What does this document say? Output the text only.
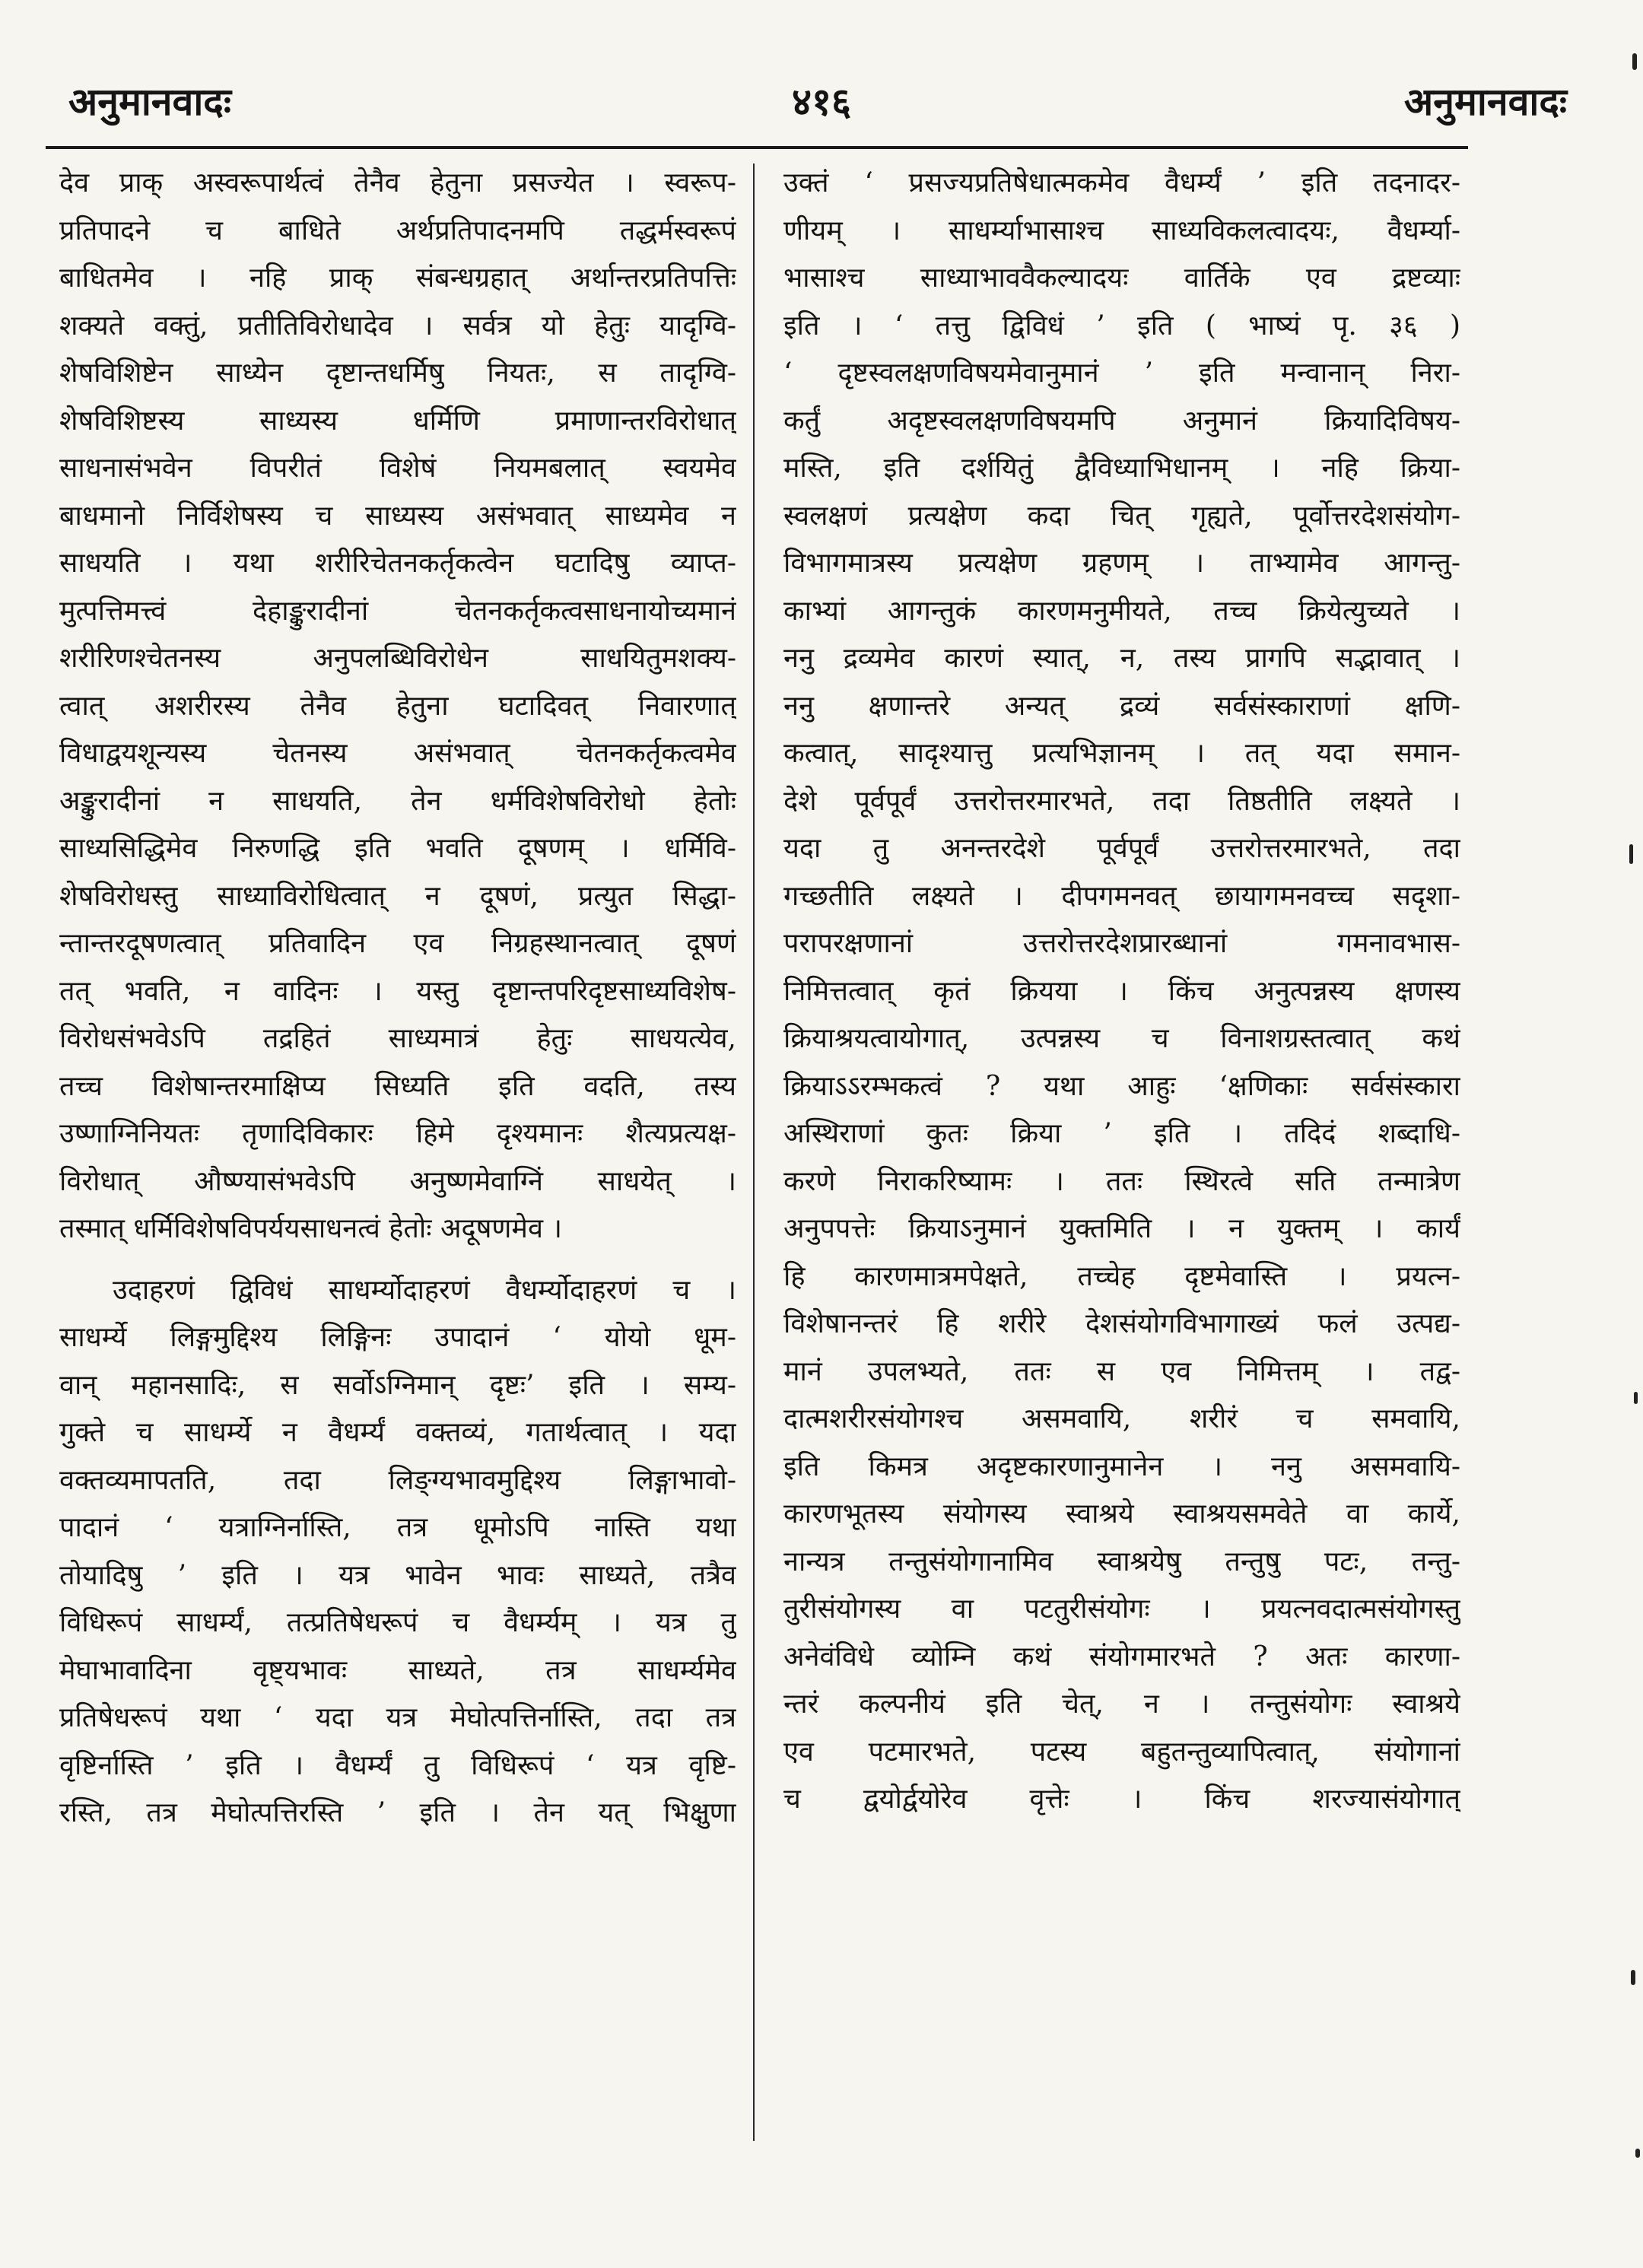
अनुमानवादः	४१६	अनुमानवादः
देव प्राक् अस्वरूपार्थत्वं तेनैव हेतुना प्रसज्येत । स्वरूप-
प्रतिपादने च बाधिते अर्थप्रतिपादनमपि तद्धर्मस्वरूपं
बाधितमेव । नहि प्राक् संबन्धग्रहात् अर्थान्तरप्रतिपत्तिः
शक्यते वक्तुं, प्रतीतिविरोधादेव । सर्वत्र यो हेतुः यादृग्वि-
शेषविशिष्टेन साध्येन दृष्टान्तधर्मिषु नियतः, स तादृग्वि-
शेषविशिष्टस्य साध्यस्य धर्मिणि प्रमाणान्तरविरोधात्
साधनासंभवेन विपरीतं विशेषं नियमबलात् स्वयमेव
बाधमानो निर्विशेषस्य च साध्यस्य असंभवात् साध्यमेव न
साधयति । यथा शरीरिचेतनकर्तृकत्वेन घटादिषु व्याप्त-
मुत्पत्तिमत्त्वं देहाङ्कुरादीनां चेतनकर्तृकत्वसाधनायोच्यमानं
शरीरिणश्चेतनस्य अनुपलब्धिविरोधेन साधयितुमशक्य-
त्वात् अशरीरस्य तेनैव हेतुना घटादिवत् निवारणात्
विधाद्वयशून्यस्य चेतनस्य असंभवात् चेतनकर्तृकत्वमेव
अङ्कुरादीनां न साधयति, तेन धर्मविशेषविरोधो हेतोः
साध्यसिद्धिमेव निरुणद्धि इति भवति दूषणम् । धर्मिवि-
शेषविरोधस्तु साध्याविरोधित्वात् न दूषणं, प्रत्युत सिद्धा-
न्तान्तरदूषणत्वात् प्रतिवादिन एव निग्रहस्थानत्वात् दूषणं
तत् भवति, न वादिनः । यस्तु दृष्टान्तपरिदृष्टसाध्यविशेष-
विरोधसंभवेऽपि तद्रहितं साध्यमात्रं हेतुः साधयत्येव,
तच्च विशेषान्तरमाक्षिप्य सिध्यति इति वदति, तस्य
उष्णाग्निनियतः तृणादिविकारः हिमे दृश्यमानः शैत्यप्रत्यक्ष-
विरोधात् औष्ण्यासंभवेऽपि अनुष्णमेवाग्निं साधयेत् ।
तस्मात् धर्मिविशेषविपर्ययसाधनत्वं हेतोः अदूषणमेव ।
उदाहरणं द्विविधं साधर्म्योदाहरणं वैधर्म्योदाहरणं च ।
साधर्म्ये लिङ्गमुद्दिश्य लिङ्गिनः उपादानं ‘ योयो धूम-
वान् महानसादिः, स सर्वोऽग्निमान् दृष्टः’ इति । सम्य-
गुक्ते च साधर्म्ये न वैधर्म्यं वक्तव्यं, गतार्थत्वात् । यदा
वक्तव्यमापतति, तदा लिङ्ग्यभावमुद्दिश्य लिङ्गाभावो-
पादानं ‘ यत्राग्निर्नास्ति, तत्र धूमोऽपि नास्ति यथा
तोयादिषु ’ इति । यत्र भावेन भावः साध्यते, तत्रैव
विधिरूपं साधर्म्यं, तत्प्रतिषेधरूपं च वैधर्म्यम् । यत्र तु
मेघाभावादिना वृष्ट्यभावः साध्यते, तत्र साधर्म्यमेव
प्रतिषेधरूपं यथा ‘ यदा यत्र मेघोत्पत्तिर्नास्ति, तदा तत्र
वृष्टिर्नास्ति ’ इति । वैधर्म्यं तु विधिरूपं ‘ यत्र वृष्टि-
रस्ति, तत्र मेघोत्पत्तिरस्ति ’ इति । तेन यत् भिक्षुणा
उक्तं ‘ प्रसज्यप्रतिषेधात्मकमेव वैधर्म्यं ’ इति तदनादर-
णीयम् । साधर्म्याभासाश्च साध्यविकलत्वादयः, वैधर्म्या-
भासाश्च साध्याभाववैकल्यादयः वार्तिके एव द्रष्टव्याः
इति । ‘ तत्तु द्विविधं ’ इति ( भाष्यं पृ. ३६ )
‘ दृष्टस्वलक्षणविषयमेवानुमानं ’ इति मन्वानान् निरा-
कर्तुं अदृष्टस्वलक्षणविषयमपि अनुमानं क्रियादिविषय-
मस्ति, इति दर्शयितुं द्वैविध्याभिधानम् । नहि क्रिया-
स्वलक्षणं प्रत्यक्षेण कदा चित् गृह्यते, पूर्वोत्तरदेशसंयोग-
विभागमात्रस्य प्रत्यक्षेण ग्रहणम् । ताभ्यामेव आगन्तु-
काभ्यां आगन्तुकं कारणमनुमीयते, तच्च क्रियेत्युच्यते ।
ननु द्रव्यमेव कारणं स्यात्, न, तस्य प्रागपि सद्भावात् ।
ननु क्षणान्तरे अन्यत् द्रव्यं सर्वसंस्काराणां क्षणि-
कत्वात्, सादृश्यात्तु प्रत्यभिज्ञानम् । तत् यदा समान-
देशे पूर्वपूर्वं उत्तरोत्तरमारभते, तदा तिष्ठतीति लक्ष्यते ।
यदा तु अनन्तरदेशे पूर्वपूर्वं उत्तरोत्तरमारभते, तदा
गच्छतीति लक्ष्यते । दीपगमनवत् छायागमनवच्च सदृशा-
परापरक्षणानां उत्तरोत्तरदेशप्रारब्धानां गमनावभास-
निमित्तत्वात् कृतं क्रियया । किंच अनुत्पन्नस्य क्षणस्य
क्रियाश्रयत्वायोगात्, उत्पन्नस्य च विनाशग्रस्तत्वात् कथं
क्रियाऽऽरम्भकत्वं ? यथा आहुः ‘क्षणिकाः सर्वसंस्कारा
अस्थिराणां कुतः क्रिया ’ इति । तदिदं शब्दाधि-
करणे निराकरिष्यामः । ततः स्थिरत्वे सति तन्मात्रेण
अनुपपत्तेः क्रियाऽनुमानं युक्तमिति । न युक्तम् । कार्यं
हि कारणमात्रमपेक्षते, तच्चेह दृष्टमेवास्ति । प्रयत्न-
विशेषानन्तरं हि शरीरे देशसंयोगविभागाख्यं फलं उत्पद्य-
मानं उपलभ्यते, ततः स एव निमित्तम् । तद्व-
दात्मशरीरसंयोगश्च असमवायि, शरीरं च समवायि,
इति किमत्र अदृष्टकारणानुमानेन । ननु असमवायि-
कारणभूतस्य संयोगस्य स्वाश्रये स्वाश्रयसमवेते वा कार्ये,
नान्यत्र तन्तुसंयोगानामिव स्वाश्रयेषु तन्तुषु पटः, तन्तु-
तुरीसंयोगस्य वा पटतुरीसंयोगः । प्रयत्नवदात्मसंयोगस्तु
अनेवंविधे व्योम्नि कथं संयोगमारभते ? अतः कारणा-
न्तरं कल्पनीयं इति चेत्, न । तन्तुसंयोगः स्वाश्रये
एव पटमारभते, पटस्य बहुतन्तुव्यापित्वात्, संयोगानां
च द्वयोर्द्वयोरेव वृत्तेः । किंच शरज्यासंयोगात्
